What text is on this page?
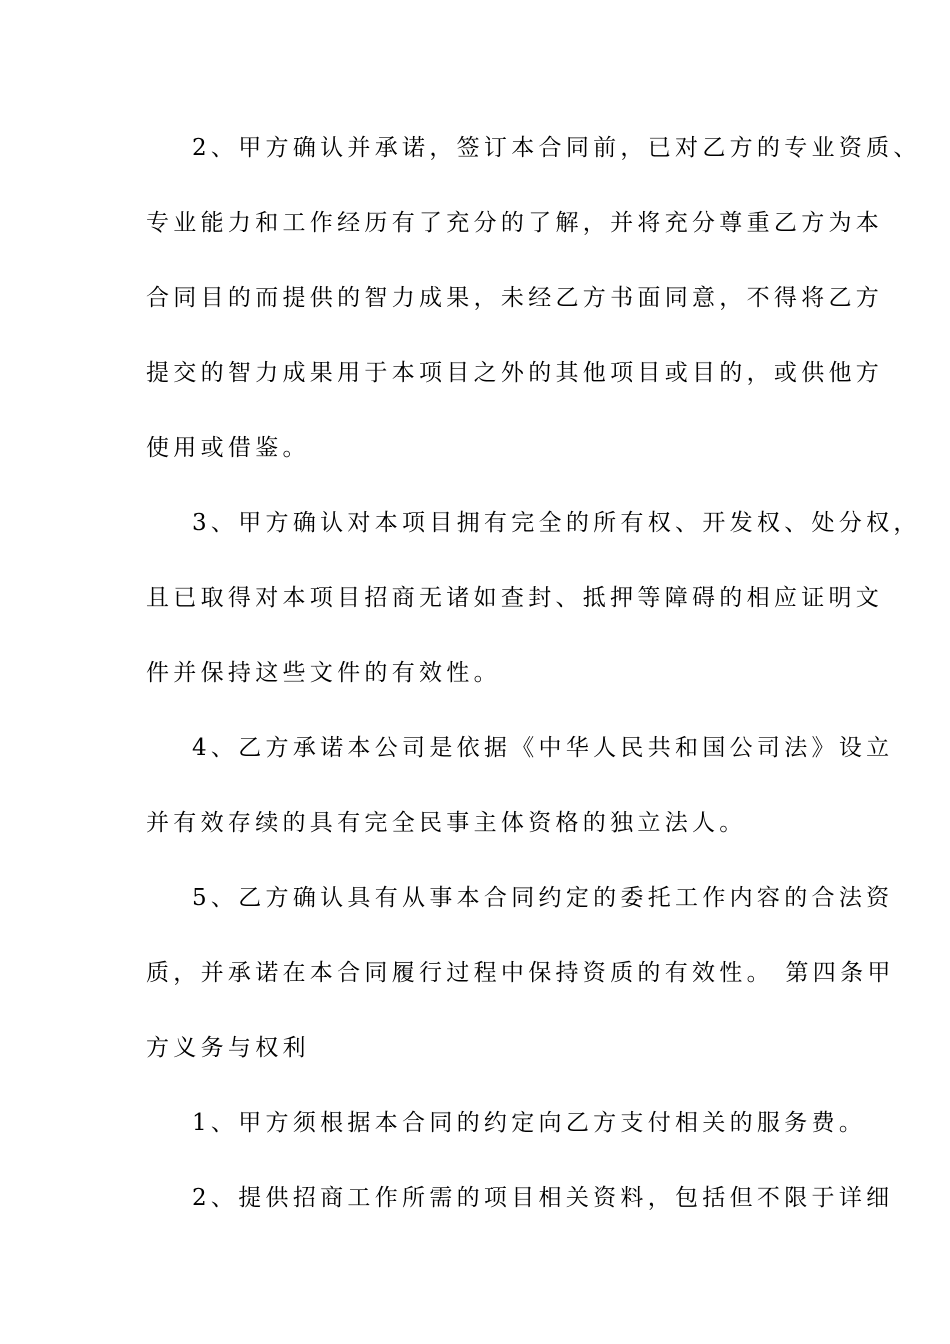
2、甲方确认并承诺，签订本合同前，已对乙方的专业资质、
专业能力和工作经历有了充分的了解，并将充分尊重乙方为本
合同目的而提供的智力成果，未经乙方书面同意，不得将乙方
提交的智力成果用于本项目之外的其他项目或目的，或供他方
使用或借鉴。
3、甲方确认对本项目拥有完全的所有权、开发权、处分权，
且已取得对本项目招商无诸如查封、抵押等障碍的相应证明文
件并保持这些文件的有效性。
4、乙方承诺本公司是依据《中华人民共和国公司法》设立
并有效存续的具有完全民事主体资格的独立法人。
5、乙方确认具有从事本合同约定的委托工作内容的合法资
质，并承诺在本合同履行过程中保持资质的有效性。 第四条甲
方义务与权利
1、甲方须根据本合同的约定向乙方支付相关的服务费。
2、提供招商工作所需的项目相关资料，包括但不限于详细
